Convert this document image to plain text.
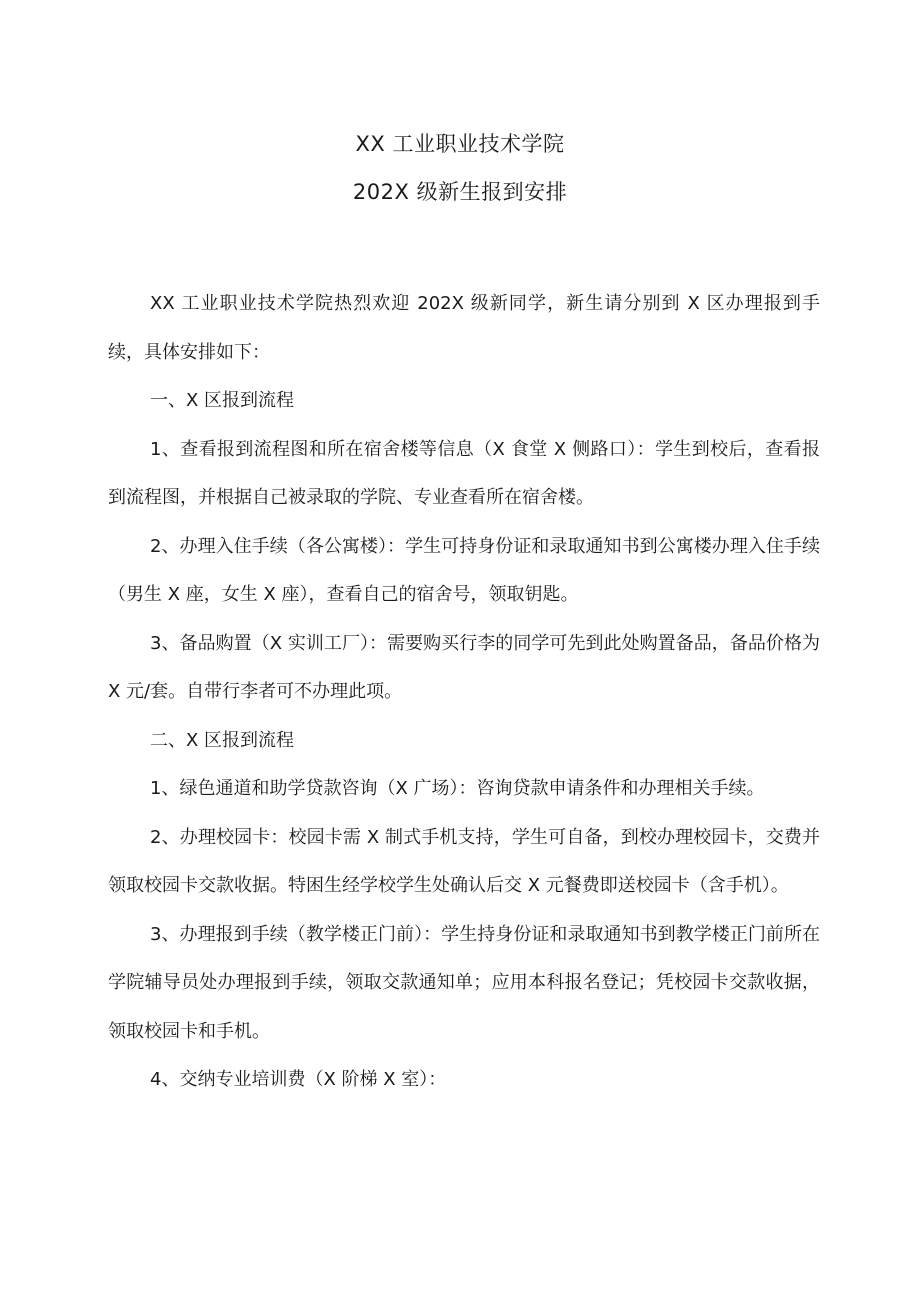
XX 工业职业技术学院
202X 级新生报到安排

XX 工业职业技术学院热烈欢迎 202X 级新同学，新生请分别到 X 区办理报到手续，具体安排如下：

一、X 区报到流程

1、查看报到流程图和所在宿舍楼等信息（X 食堂 X 侧路口）：学生到校后，查看报到流程图，并根据自己被录取的学院、专业查看所在宿舍楼。

2、办理入住手续（各公寓楼）：学生可持身份证和录取通知书到公寓楼办理入住手续（男生 X 座，女生 X 座），查看自己的宿舍号，领取钥匙。

3、备品购置（X 实训工厂）：需要购买行李的同学可先到此处购置备品，备品价格为 X 元/套。自带行李者可不办理此项。

二、X 区报到流程

1、绿色通道和助学贷款咨询（X 广场）：咨询贷款申请条件和办理相关手续。

2、办理校园卡：校园卡需 X 制式手机支持，学生可自备，到校办理校园卡，交费并领取校园卡交款收据。特困生经学校学生处确认后交 X 元餐费即送校园卡（含手机）。

3、办理报到手续（教学楼正门前）：学生持身份证和录取通知书到教学楼正门前所在学院辅导员处办理报到手续，领取交款通知单；应用本科报名登记；凭校园卡交款收据，领取校园卡和手机。

4、交纳专业培训费（X 阶梯 X 室）：
